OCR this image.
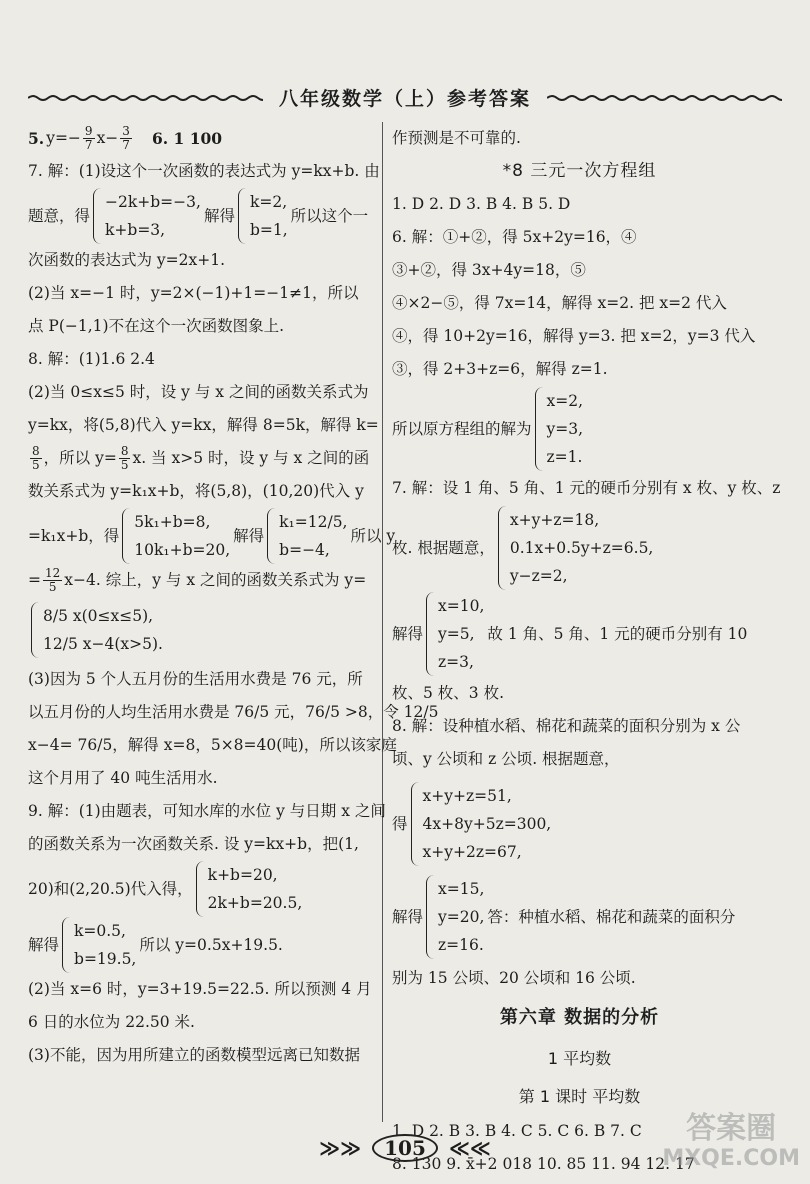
八年级数学（上）参考答案
5. $y=- \frac{9}{7} x- \frac{3}{7} 6$. 1 100
7. 解：(1)设这个一次函数的表达式为 y=kx+b. 由
题意，得
−2k+b=−3,
k+b=3,
解得
k=2,
b=1,
所以这个一
次函数的表达式为 y=2x+1.
(2)当 x=−1 时，y=2×(−1)+1=−1≠1，所以
点 P(−1,1)不在这个一次函数图象上.
8. 解：(1)1.6 2.4
(2)当 0≤x≤5 时，设 y 与 x 之间的函数关系式为
y=kx，将(5,8)代入 y=kx，解得 8=5k，解得 k=
$\frac{8}{5}$ ，所以 $y= \frac{8}{5} x$. 当 x>5 时，设 y 与 x 之间的函
数关系式为 y=k₁x+b，将(5,8)，(10,20)代入 y
=k₁x+b，得
5k₁+b=8,
10k₁+b=20,
解得
k₁=12/5,
b=−4,
所以 y
= $\frac{12}{5} x-4$. 综上，y 与 x 之间的函数关系式为 y=
8/5 x(0≤x≤5),
12/5 x−4(x>5).
(3)因为 5 个人五月份的生活用水费是 76 元，所
以五月份的人均生活用水费是 76/5 元，76/5 >8，令 12/5
x−4= 76/5，解得 x=8，5×8=40(吨)，所以该家庭
这个月用了 40 吨生活用水.
9. 解：(1)由题表，可知水库的水位 y 与日期 x 之间
的函数关系为一次函数关系. 设 y=kx+b，把(1,
20)和(2,20.5)代入得，
k+b=20,
2k+b=20.5,
解得
k=0.5,
b=19.5,
所以 y=0.5x+19.5.
(2)当 x=6 时，y=3+19.5=22.5. 所以预测 4 月
6 日的水位为 22.50 米.
(3)不能，因为用所建立的函数模型远离已知数据
作预测是不可靠的.
*8 三元一次方程组
1. D 2. D 3. B 4. B 5. D
6. 解：①+②，得 5x+2y=16，④
③+②，得 3x+4y=18，⑤
④×2−⑤，得 7x=14，解得 x=2. 把 x=2 代入
④，得 10+2y=16，解得 y=3. 把 x=2，y=3 代入
③，得 2+3+z=6，解得 z=1.
所以原方程组的解为
x=2,
y=3,
z=1.
7. 解：设 1 角、5 角、1 元的硬币分别有 x 枚、y 枚、z
枚. 根据题意，
x+y+z=18,
0.1x+0.5y+z=6.5,
y−z=2,
解得
x=10,
y=5,
z=3,
故 1 角、5 角、1 元的硬币分别有 10
枚、5 枚、3 枚.
8. 解：设种植水稻、棉花和蔬菜的面积分别为 x 公
顷、y 公顷和 z 公顷. 根据题意，
得
x+y+z=51,
4x+8y+5z=300,
x+y+2z=67,
解得
x=15,
y=20,
z=16.
答：种植水稻、棉花和蔬菜的面积分
别为 15 公顷、20 公顷和 16 公顷.
第六章 数据的分析
1 平均数
第 1 课时 平均数
1. D 2. B 3. B 4. C 5. C 6. B 7. C
8. 130 9. x̄+2 018 10. 85 11. 94 12. 17
≫≫ 105 ≪≪
答案圈
MXQE.COM
